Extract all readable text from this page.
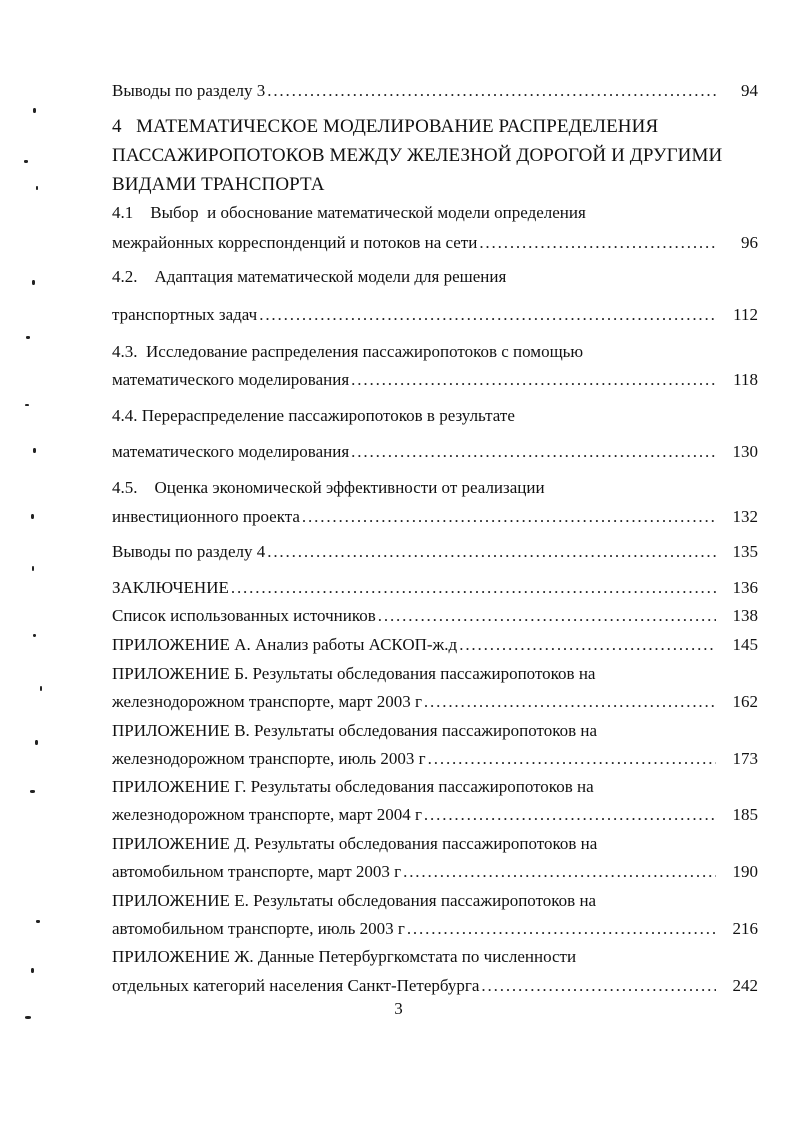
Выводы по разделу 3 . . .	94
4 МАТЕМАТИЧЕСКОЕ МОДЕЛИРОВАНИЕ РАСПРЕДЕЛЕНИЯ
ПАССАЖИРОПОТОКОВ МЕЖДУ ЖЕЛЕЗНОЙ ДОРОГОЙ И ДРУГИМИ
ВИДАМИ ТРАНСПОРТА
4.1    Выбор  и обоснование математической модели определения
межрайонных корреспонденций и потоков на сети . . .	96
4.2.    Адаптация математической модели для решения
транспортных задач . . .	112
4.3.  Исследование распределения пассажиропотоков с помощью
математического моделирования . . .	118
4.4. Перераспределение пассажиропотоков в результате
математического моделирования . . .	130
4.5.    Оценка экономической эффективности от реализации
инвестиционного проекта . . .	132
Выводы по разделу 4 . . .	135
ЗАКЛЮЧЕНИЕ . . .	136
Список использованных источников . . .	138
ПРИЛОЖЕНИЕ А. Анализ работы АСКОП-ж.д . . .	145
ПРИЛОЖЕНИЕ Б. Результаты обследования пассажиропотоков на
железнодорожном транспорте, март 2003 г . . .	162
ПРИЛОЖЕНИЕ В. Результаты обследования пассажиропотоков на
железнодорожном транспорте, июль 2003 г . . .	173
ПРИЛОЖЕНИЕ Г. Результаты обследования пассажиропотоков на
железнодорожном транспорте, март 2004 г . . .	185
ПРИЛОЖЕНИЕ Д. Результаты обследования пассажиропотоков на
автомобильном транспорте, март 2003 г . . .	190
ПРИЛОЖЕНИЕ Е. Результаты обследования пассажиропотоков на
автомобильном транспорте, июль 2003 г . . .	216
ПРИЛОЖЕНИЕ Ж. Данные Петербургкомстата по численности
отдельных категорий населения Санкт-Петербурга . . .	242
3
